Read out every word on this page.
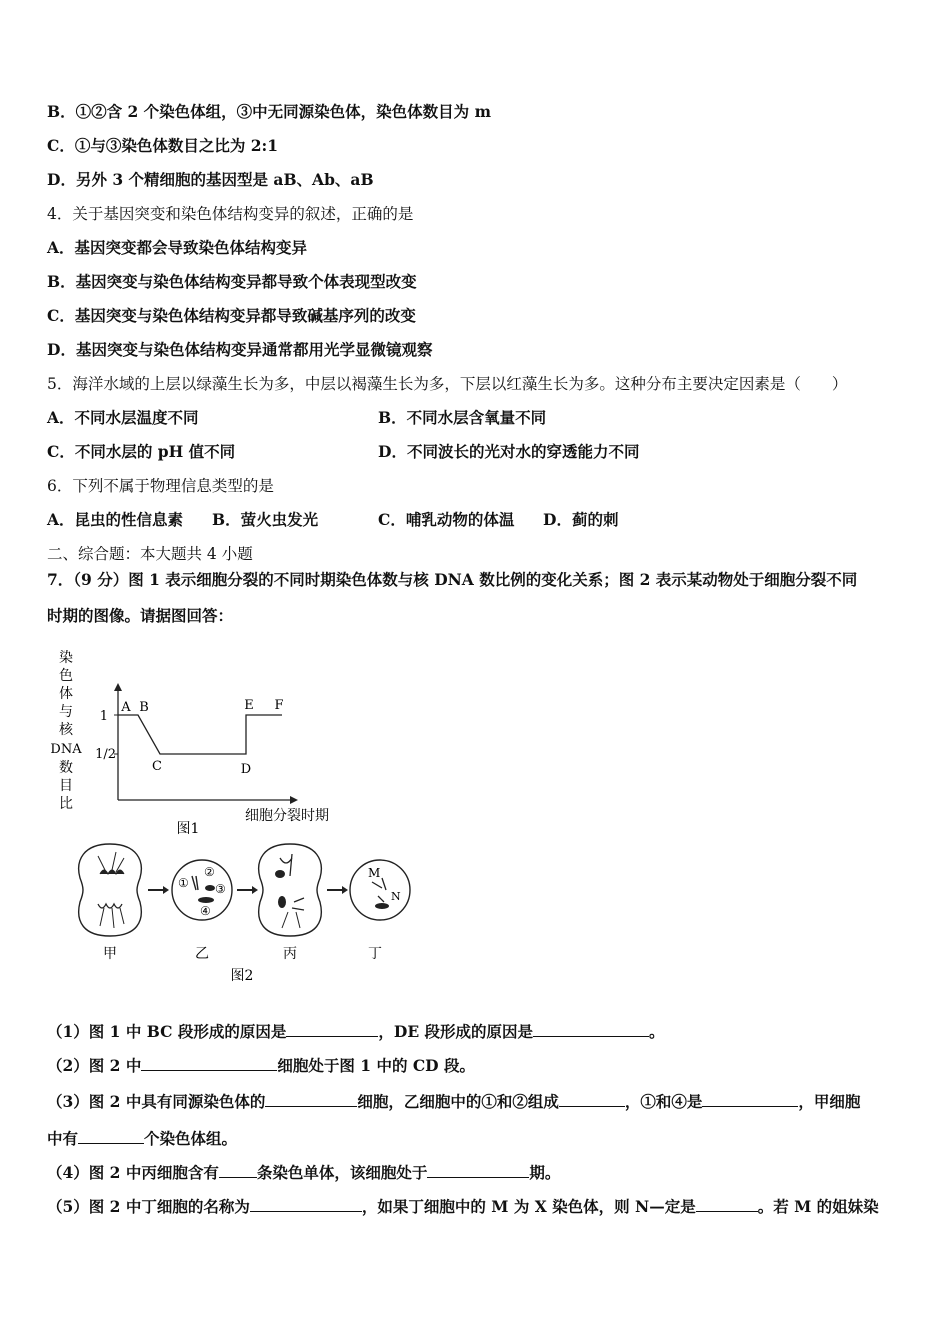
B．①②含 2 个染色体组，③中无同源染色体，染色体数目为 m
C．①与③染色体数目之比为 2:1
D．另外 3 个精细胞的基因型是 aB、Ab、aB
4．关于基因突变和染色体结构变异的叙述，正确的是
A．基因突变都会导致染色体结构变异
B．基因突变与染色体结构变异都导致个体表现型改变
C．基因突变与染色体结构变异都导致碱基序列的改变
D．基因突变与染色体结构变异通常都用光学显微镜观察
5．海洋水域的上层以绿藻生长为多，中层以褐藻生长为多，下层以红藻生长为多。这种分布主要决定因素是（　　）
A．不同水层温度不同	B．不同水层含氧量不同
C．不同水层的 pH 值不同	D．不同波长的光对水的穿透能力不同
6．下列不属于物理信息类型的是
A．昆虫的性信息素 B．萤火虫发光	C．哺乳动物的体温 D．蓟的刺
二、综合题：本大题共 4 小题
7．（9 分）图 1 表示细胞分裂的不同时期染色体数与核 DNA 数比例的变化关系；图 2 表示某动物处于细胞分裂不同
时期的图像。请据图回答：
染
色
体
与
核
DNA
数
目
比
1
1/2
A B
C	D
E F
细胞分裂时期
图1
①
②
③
④
M
N
甲	乙	丙	丁
图2
（1）图 1 中 BC 段形成的原因是	，DE 段形成的原因是	。
（2）图 2 中	细胞处于图 1 中的 CD 段。
（3）图 2 中具有同源染色体的	细胞，乙细胞中的①和②组成	，①和④是	，甲细胞
中有	个染色体组。
（4）图 2 中丙细胞含有 条染色单体，该细胞处于	期。
（5）图 2 中丁细胞的名称为	，如果丁细胞中的 M 为 X 染色体，则 N—定是	。若 M 的姐妹染
